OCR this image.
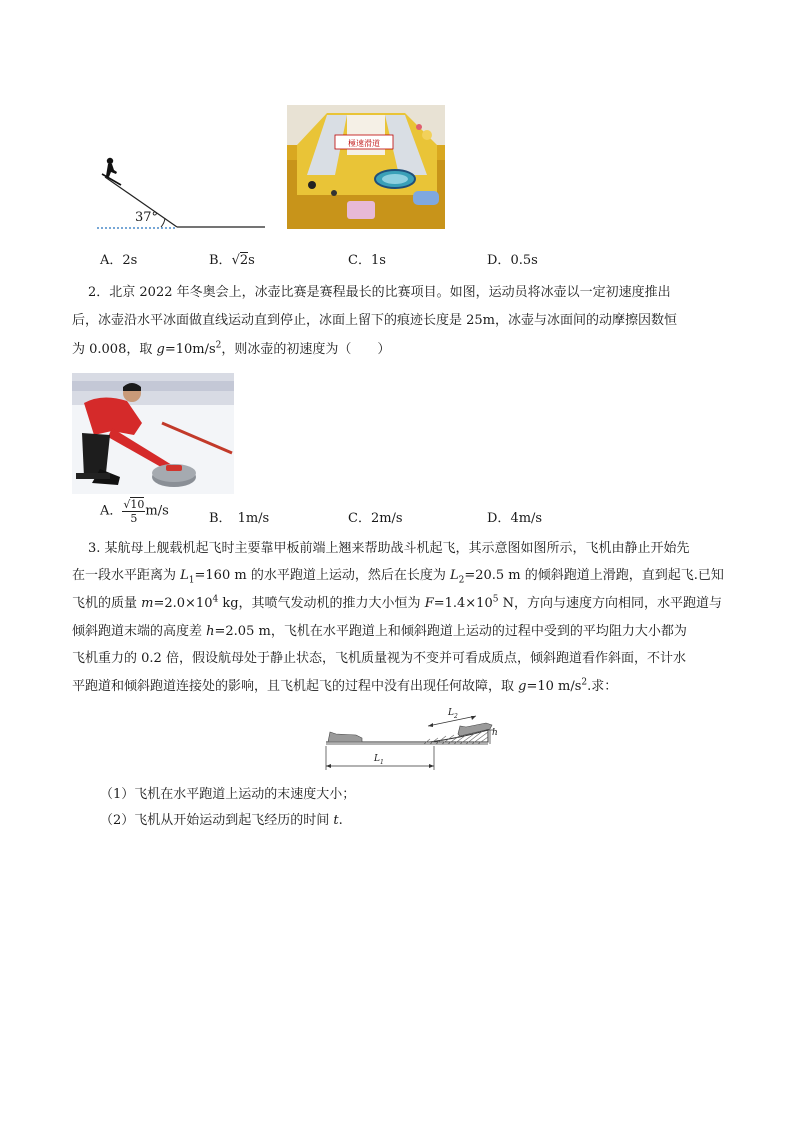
37°
極速滑道
A．2s	B．√2s	C．1s	D．0.5s
2．北京 2022 年冬奥会上，冰壶比赛是赛程最长的比赛项目。如图，运动员将冰壶以一定初速度推出
后，冰壶沿水平冰面做直线运动直到停止，冰面上留下的痕迹长度是 25m，冰壶与冰面间的动摩擦因数恒
为 0.008，取 $g=10m/s^2$，则冰壶的初速度为（　　）
A． $\frac{√10}{5} m/s$	B． 1m/s	C．2m/s	D．4m/s
3. 某航母上舰载机起飞时主要靠甲板前端上翘来帮助战斗机起飞，其示意图如图所示，飞机由静止开始先
在一段水平距离为 $L_1=160$ m 的水平跑道上运动，然后在长度为 $L_2=20.5$ m 的倾斜跑道上滑跑，直到起飞.已知
飞机的质量 $m=2.0\times 10^4$ kg，其喷气发动机的推力大小恒为 $F=1.4\times 10^5$ N，方向与速度方向相同，水平跑道与
倾斜跑道末端的高度差 h=2.05 m，飞机在水平跑道上和倾斜跑道上运动的过程中受到的平均阻力大小都为
飞机重力的 0.2 倍，假设航母处于静止状态，飞机质量视为不变并可看成质点，倾斜跑道看作斜面，不计水
平跑道和倾斜跑道连接处的影响，且飞机起飞的过程中没有出现任何故障，取 g=10 $m/s^2$.求：
$L_1$
$L_2$
h
（1）飞机在水平跑道上运动的末速度大小；
（2）飞机从开始运动到起飞经历的时间 t.
